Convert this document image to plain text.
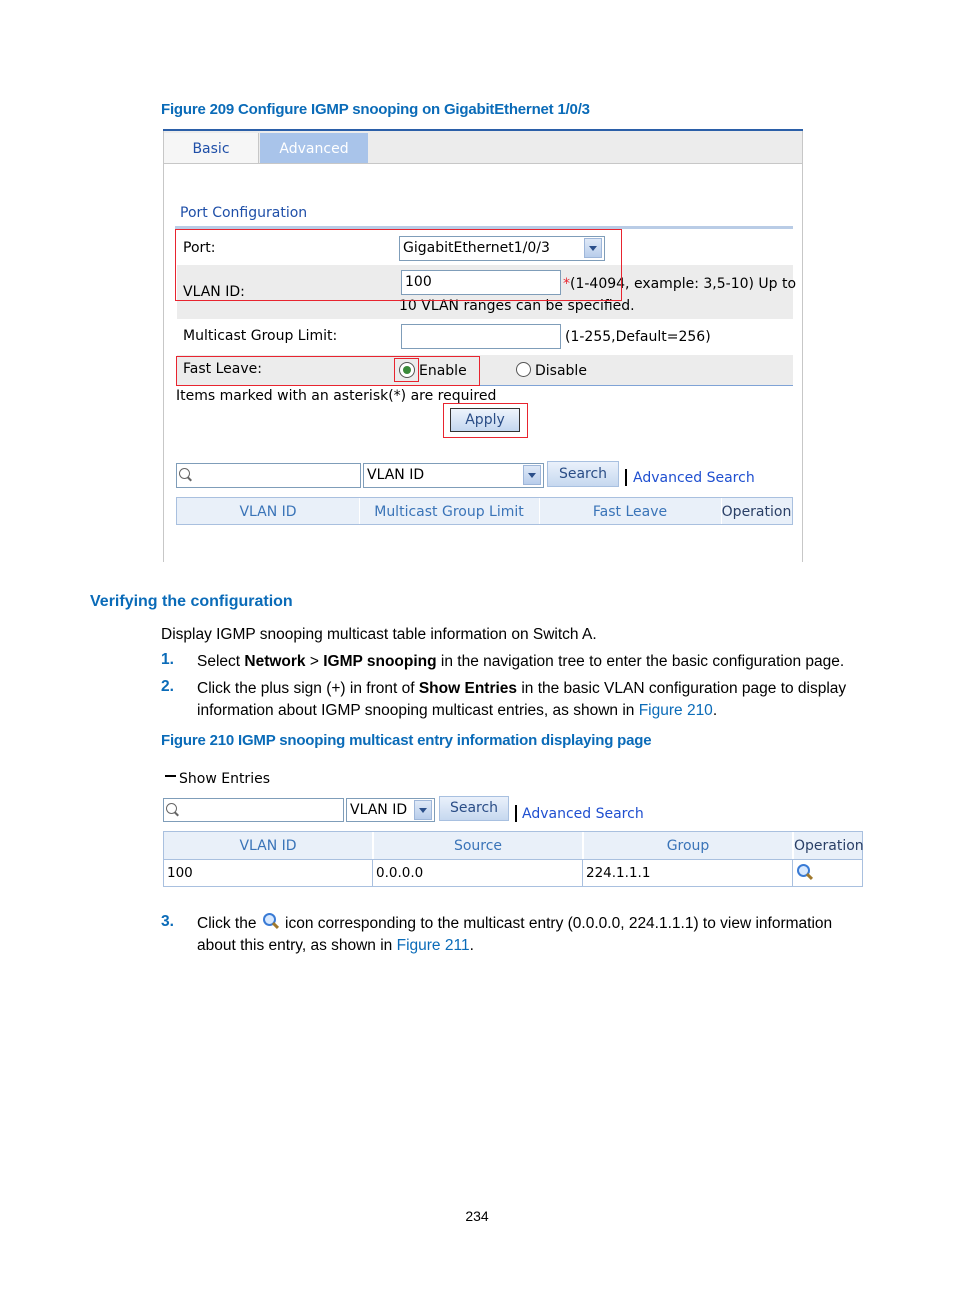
Figure 209 Configure IGMP snooping on GigabitEthernet 1/0/3
Basic	Advanced
Port Configuration
Port:	GigabitEthernet1/0/3
VLAN ID:
100	*(1-4094, example: 3,5-10) Up to
10 VLAN ranges can be specified.
Multicast Group Limit:	(1-255,Default=256)
Fast Leave:	Enable	Disable
Items marked with an asterisk(*) are required
Apply
VLAN ID	Search	Advanced Search
VLAN ID	Multicast Group Limit	Fast Leave	Operation
Verifying the configuration
Display IGMP snooping multicast table information on Switch A.
1. Select Network > IGMP snooping in the navigation tree to enter the basic configuration page.
2. Click the plus sign (+) in front of Show Entries in the basic VLAN configuration page to display
information about IGMP snooping multicast entries, as shown in Figure 210.
Figure 210 IGMP snooping multicast entry information displaying page
Show Entries
VLAN ID	Search	Advanced Search
VLAN ID	Source	Group	Operation
100	0.0.0.0	224.1.1.1
3. Click the
icon corresponding to the multicast entry (0.0.0.0, 224.1.1.1) to view information
about this entry, as shown in Figure 211.
234
